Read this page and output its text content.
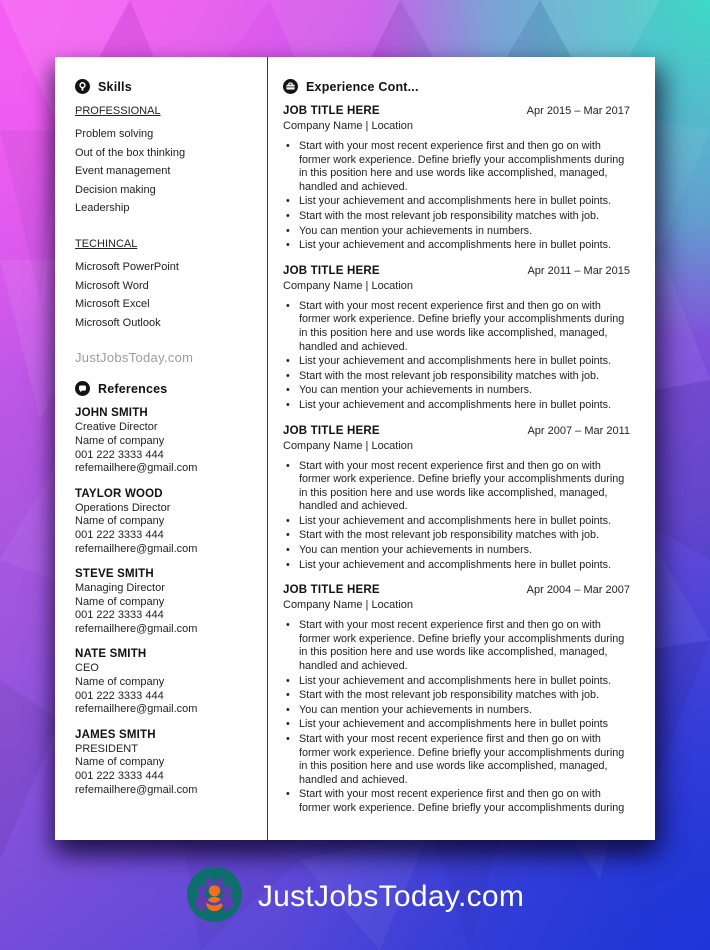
Skills
PROFESSIONAL
Problem solving
Out of the box thinking
Event management
Decision making
Leadership
TECHINCAL
Microsoft PowerPoint
Microsoft Word
Microsoft Excel
Microsoft Outlook
JustJobsToday.com
References
JOHN SMITH
Creative Director
Name of company
001 222 3333 444
refemailhere@gmail.com
TAYLOR WOOD
Operations Director
Name of company
001 222 3333 444
refemailhere@gmail.com
STEVE SMITH
Managing Director
Name of company
001 222 3333 444
refemailhere@gmail.com
NATE SMITH
CEO
Name of company
001 222 3333 444
refemailhere@gmail.com
JAMES SMITH
PRESIDENT
Name of company
001 222 3333 444
refemailhere@gmail.com
Experience Cont...
JOB TITLE HERE	Apr 2015 – Mar 2017
Company Name | Location
• Start with your most recent experience first and then go on with former work experience. Define briefly your accomplishments during in this position here and use words like accomplished, managed, handled and achieved.
• List your achievement and accomplishments here in bullet points.
• Start with the most relevant job responsibility matches with job.
• You can mention your achievements in numbers.
• List your achievement and accomplishments here in bullet points.
JOB TITLE HERE	Apr 2011 – Mar 2015
Company Name | Location
• Start with your most recent experience first and then go on with former work experience. Define briefly your accomplishments during in this position here and use words like accomplished, managed, handled and achieved.
• List your achievement and accomplishments here in bullet points.
• Start with the most relevant job responsibility matches with job.
• You can mention your achievements in numbers.
• List your achievement and accomplishments here in bullet points.
JOB TITLE HERE	Apr 2007 – Mar 2011
Company Name | Location
• Start with your most recent experience first and then go on with former work experience. Define briefly your accomplishments during in this position here and use words like accomplished, managed, handled and achieved.
• List your achievement and accomplishments here in bullet points.
• Start with the most relevant job responsibility matches with job.
• You can mention your achievements in numbers.
• List your achievement and accomplishments here in bullet points.
JOB TITLE HERE	Apr 2004 – Mar 2007
Company Name | Location
• Start with your most recent experience first and then go on with former work experience. Define briefly your accomplishments during in this position here and use words like accomplished, managed, handled and achieved.
• List your achievement and accomplishments here in bullet points.
• Start with the most relevant job responsibility matches with job.
• You can mention your achievements in numbers.
• List your achievement and accomplishments here in bullet points
• Start with your most recent experience first and then go on with former work experience. Define briefly your accomplishments during in this position here and use words like accomplished, managed, handled and achieved.
• Start with your most recent experience first and then go on with former work experience. Define briefly your accomplishments during
JustJobsToday.com
